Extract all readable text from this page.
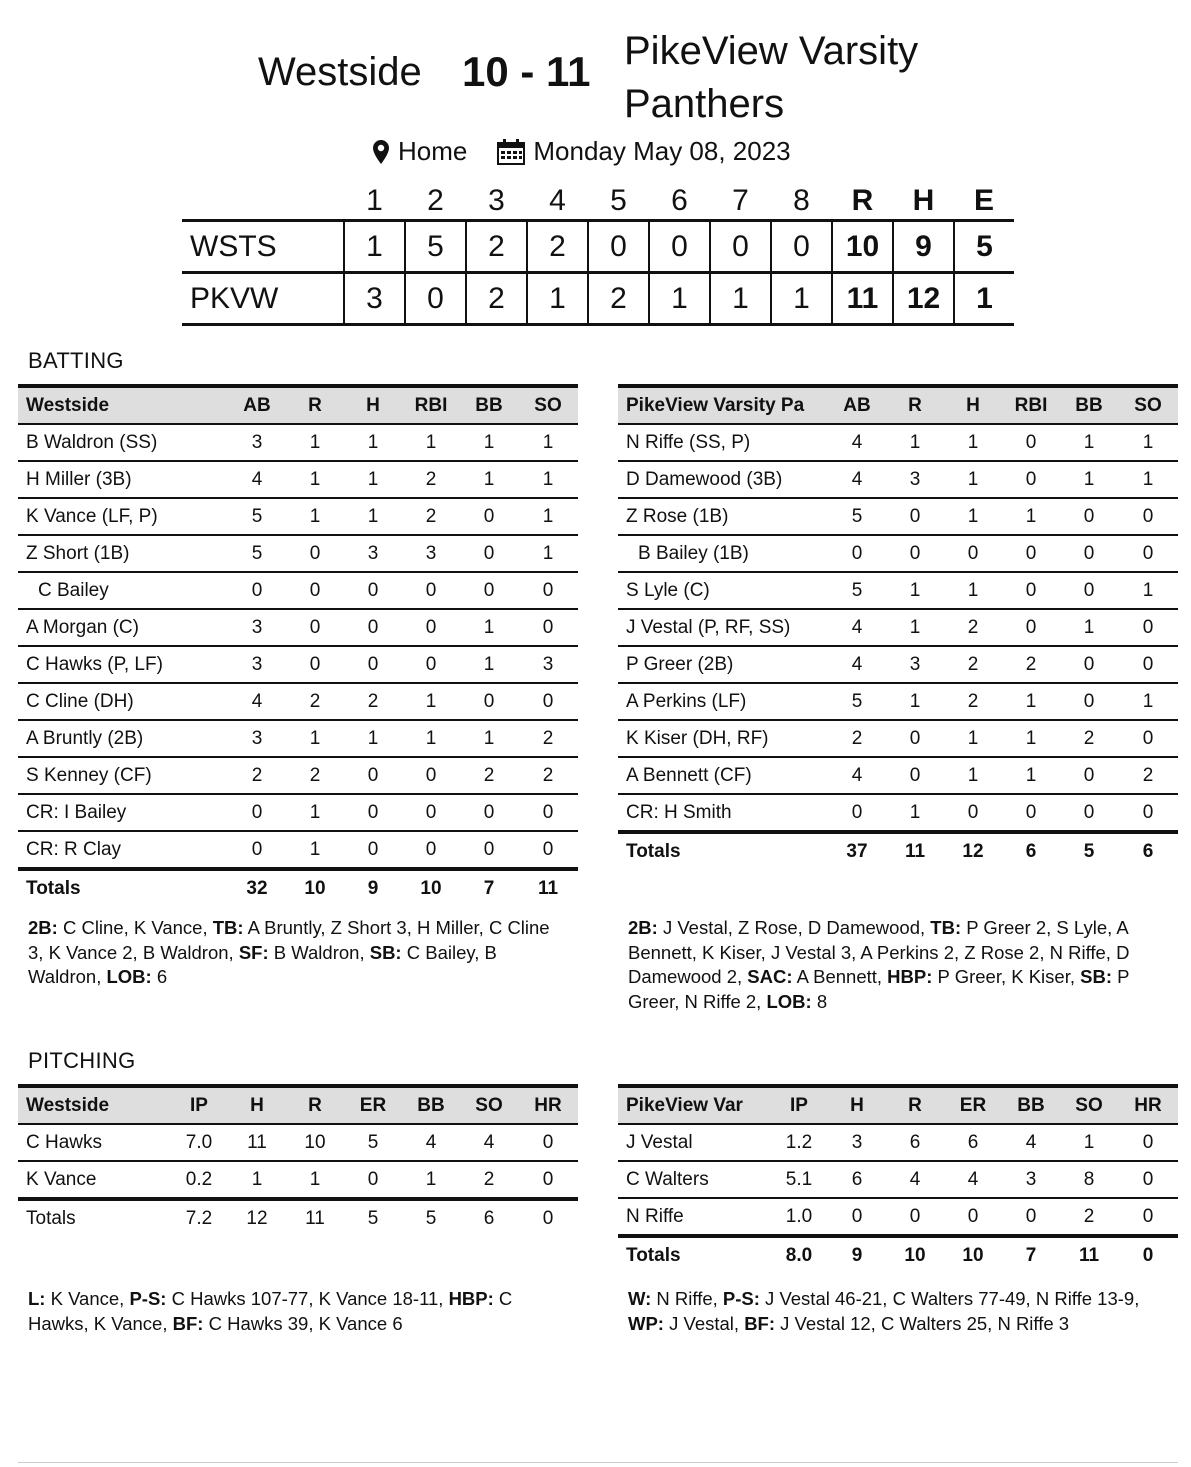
Westside 10 - 11 PikeView Varsity Panthers
Home	Monday May 08, 2023
	1	2	3	4	5	6	7	8	R	H	E
WSTS	1	5	2	2	0	0	0	0	10	9	5
PKVW	3	0	2	1	2	1	1	1	11	12	1
BATTING
Westside	AB	R	H	RBI	BB	SO
B Waldron (SS)	3	1	1	1	1	1
H Miller (3B)	4	1	1	2	1	1
K Vance (LF, P)	5	1	1	2	0	1
Z Short (1B)	5	0	3	3	0	1
C Bailey	0	0	0	0	0	0
A Morgan (C)	3	0	0	0	1	0
C Hawks (P, LF)	3	0	0	0	1	3
C Cline (DH)	4	2	2	1	0	0
A Bruntly (2B)	3	1	1	1	1	2
S Kenney (CF)	2	2	0	0	2	2
CR: I Bailey	0	1	0	0	0	0
CR: R Clay	0	1	0	0	0	0
Totals	32	10	9	10	7	11
PikeView Varsity Pa	AB	R	H	RBI	BB	SO
N Riffe (SS, P)	4	1	1	0	1	1
D Damewood (3B)	4	3	1	0	1	1
Z Rose (1B)	5	0	1	1	0	0
B Bailey (1B)	0	0	0	0	0	0
S Lyle (C)	5	1	1	0	0	1
J Vestal (P, RF, SS)	4	1	2	0	1	0
P Greer (2B)	4	3	2	2	0	0
A Perkins (LF)	5	1	2	1	0	1
K Kiser (DH, RF)	2	0	1	1	2	0
A Bennett (CF)	4	0	1	1	0	2
CR: H Smith	0	1	0	0	0	0
Totals	37	11	12	6	5	6
2B: C Cline, K Vance, TB: A Bruntly, Z Short 3, H Miller, C Cline 3, K Vance 2, B Waldron, SF: B Waldron, SB: C Bailey, B Waldron, LOB: 6
2B: J Vestal, Z Rose, D Damewood, TB: P Greer 2, S Lyle, A Bennett, K Kiser, J Vestal 3, A Perkins 2, Z Rose 2, N Riffe, D Damewood 2, SAC: A Bennett, HBP: P Greer, K Kiser, SB: P Greer, N Riffe 2, LOB: 8
PITCHING
Westside	IP	H	R	ER	BB	SO	HR
C Hawks	7.0	11	10	5	4	4	0
K Vance	0.2	1	1	0	1	2	0
Totals	7.2	12	11	5	5	6	0
PikeView Var	IP	H	R	ER	BB	SO	HR
J Vestal	1.2	3	6	6	4	1	0
C Walters	5.1	6	4	4	3	8	0
N Riffe	1.0	0	0	0	0	2	0
Totals	8.0	9	10	10	7	11	0
L: K Vance, P-S: C Hawks 107-77, K Vance 18-11, HBP: C Hawks, K Vance, BF: C Hawks 39, K Vance 6
W: N Riffe, P-S: J Vestal 46-21, C Walters 77-49, N Riffe 13-9, WP: J Vestal, BF: J Vestal 12, C Walters 25, N Riffe 3
